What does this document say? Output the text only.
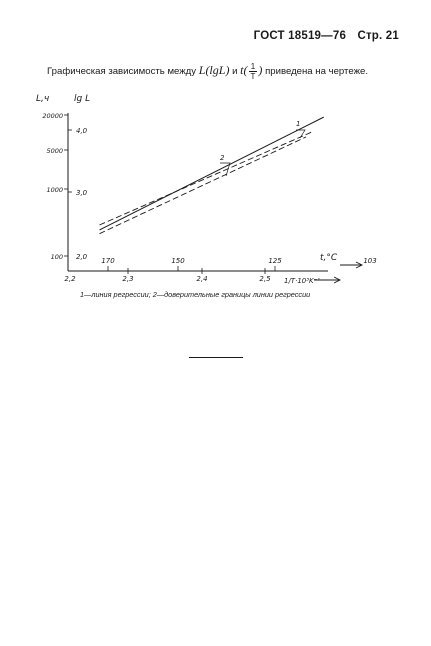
ГОСТ 18519—76 Стр. 21
Графическая зависимость между L(lgL) и $t( \frac{1}{T}$ ) приведена на чертеже.
L,ч	lg L
20000
5000
1000
100
4,0
3,0
2,0
2,2	2,3	2,4	2,5 1/T·10³K⁻¹
170	150	125	103
t,°C
1
2
1—линия регрессии; 2—доверительные границы линии регрессии
